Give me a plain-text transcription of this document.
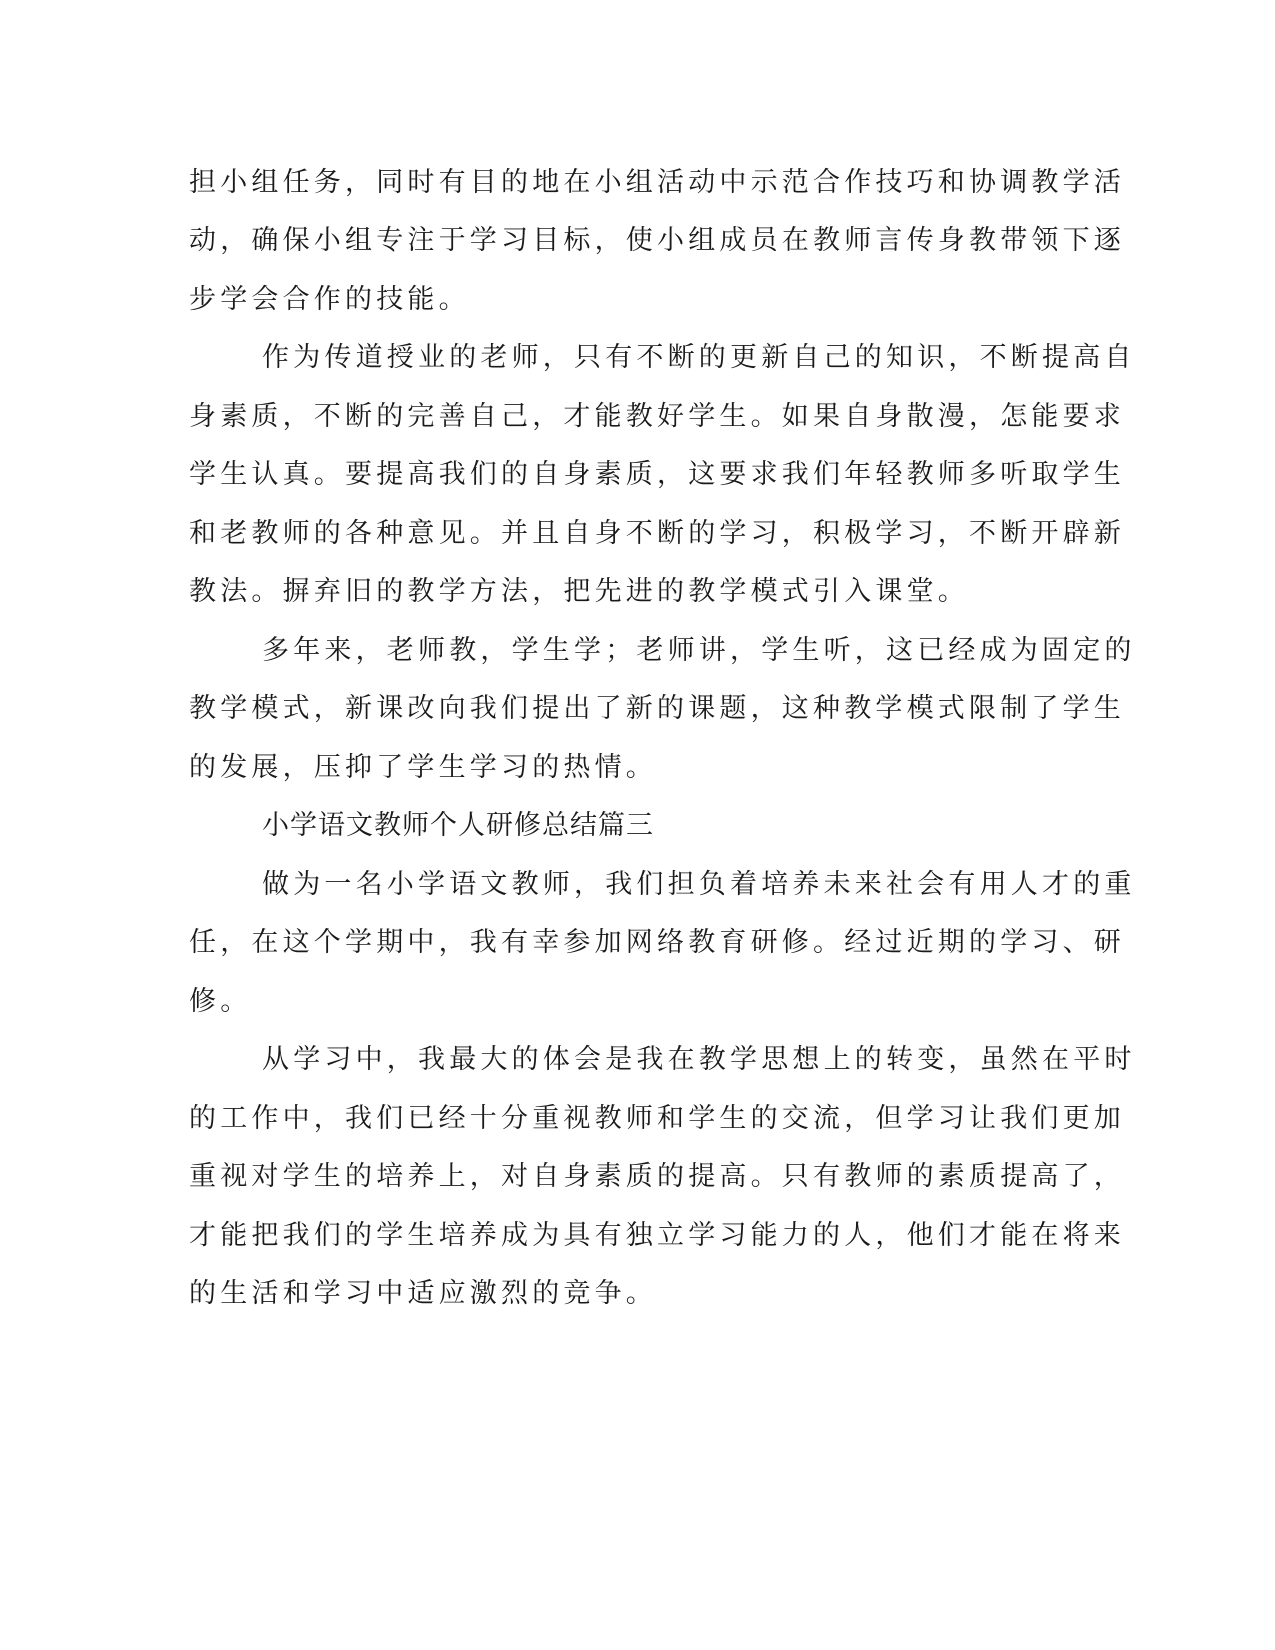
担小组任务，同时有目的地在小组活动中示范合作技巧和协调教学活

动，确保小组专注于学习目标，使小组成员在教师言传身教带领下逐

步学会合作的技能。

作为传道授业的老师，只有不断的更新自己的知识，不断提高自

身素质，不断的完善自己，才能教好学生。如果自身散漫，怎能要求

学生认真。要提高我们的自身素质，这要求我们年轻教师多听取学生

和老教师的各种意见。并且自身不断的学习，积极学习，不断开辟新

教法。摒弃旧的教学方法，把先进的教学模式引入课堂。

多年来，老师教，学生学；老师讲，学生听，这已经成为固定的

教学模式，新课改向我们提出了新的课题，这种教学模式限制了学生

的发展，压抑了学生学习的热情。

小学语文教师个人研修总结篇三

做为一名小学语文教师，我们担负着培养未来社会有用人才的重

任，在这个学期中，我有幸参加网络教育研修。经过近期的学习、研

修。

从学习中，我最大的体会是我在教学思想上的转变，虽然在平时

的工作中，我们已经十分重视教师和学生的交流，但学习让我们更加

重视对学生的培养上，对自身素质的提高。只有教师的素质提高了，

才能把我们的学生培养成为具有独立学习能力的人，他们才能在将来

的生活和学习中适应激烈的竞争。
